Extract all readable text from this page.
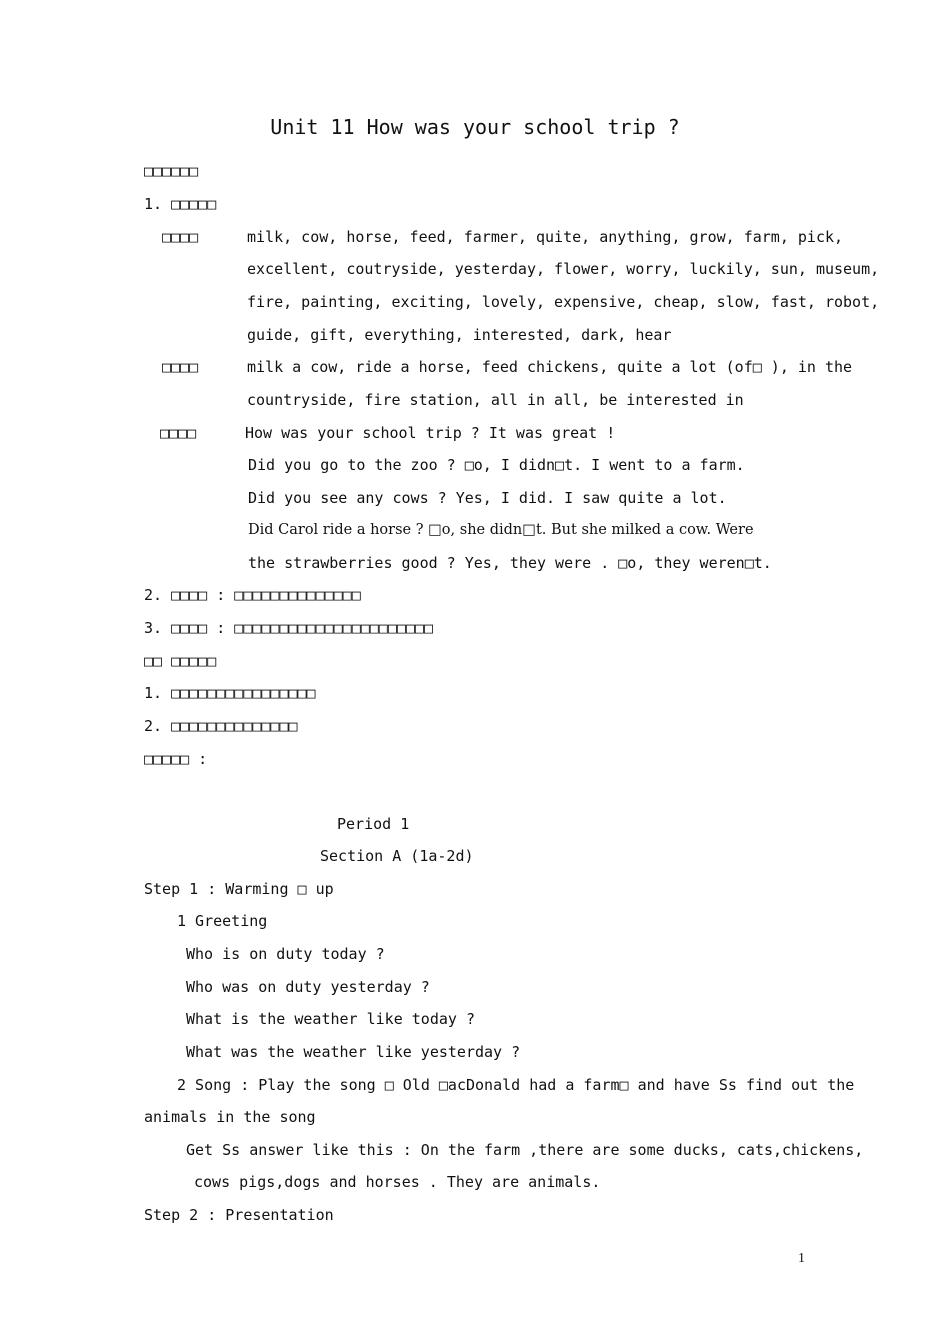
Unit 11 How was your school trip ?
□□□□□□
1. □□□□□
□□□□	milk, cow, horse, feed, farmer, quite, anything, grow, farm, pick,
excellent, coutryside, yesterday, flower, worry, luckily, sun, museum,
fire, painting, exciting, lovely, expensive, cheap, slow, fast, robot,
guide, gift, everything, interested, dark, hear
□□□□	milk a cow, ride a horse, feed chickens, quite a lot (of□ ), in the
countryside, fire station, all in all, be interested in
□□□□	How was your school trip ? It was great !
Did you go to the zoo ? □o, I didn□t. I went to a farm.
Did you see any cows ? Yes, I did. I saw quite a lot.
Did Carol ride a horse ? □o, she didn□t. But she milked a cow. Were
the strawberries good ? Yes, they were . □o, they weren□t.
2. □□□□ : □□□□□□□□□□□□□□
3. □□□□ : □□□□□□□□□□□□□□□□□□□□□□
□□ □□□□□
1. □□□□□□□□□□□□□□□□
2. □□□□□□□□□□□□□□
□□□□□ :
Period 1
Section A (1a-2d)
Step 1 : Warming □ up
1 Greeting
Who is on duty today ?
Who was on duty yesterday ?
What is the weather like today ?
What was the weather like yesterday ?
2 Song : Play the song □ Old □acDonald had a farm□ and have Ss find out the
animals in the song
Get Ss answer like this : On the farm ,there are some ducks, cats,chickens,
cows pigs,dogs and horses . They are animals.
Step 2 : Presentation
1
